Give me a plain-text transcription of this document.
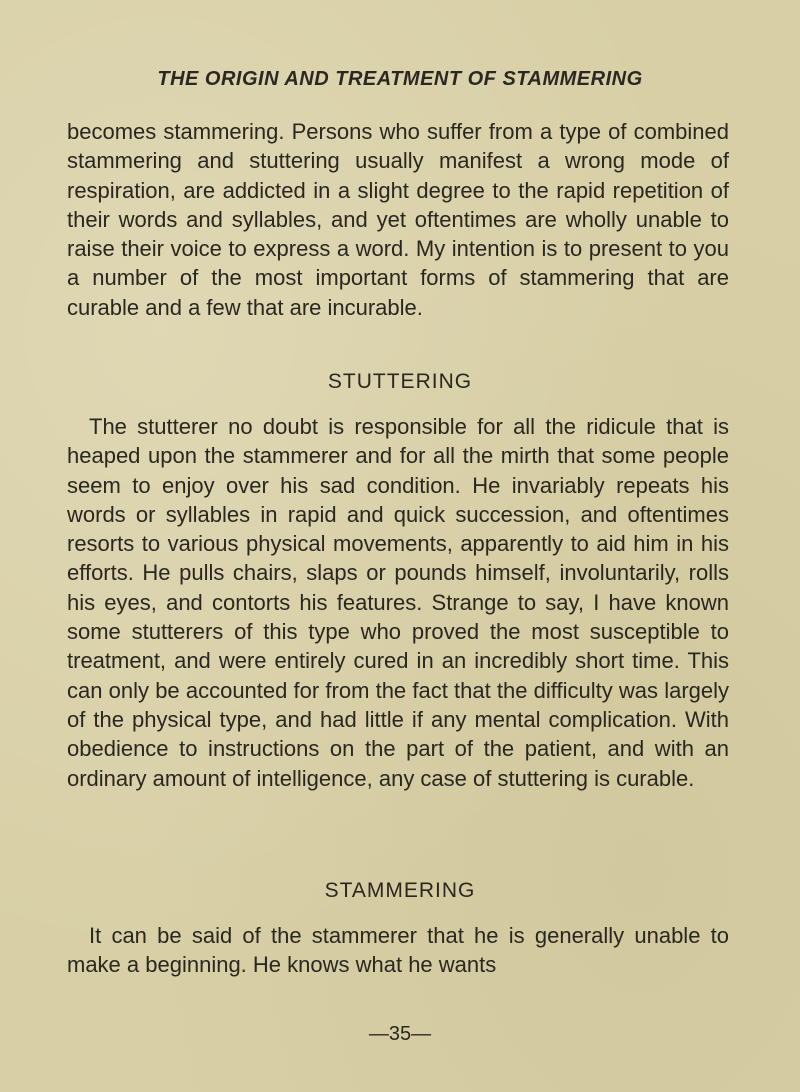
THE ORIGIN AND TREATMENT OF STAMMERING

becomes stammering. Persons who suffer from a type of combined stammering and stuttering usually manifest a wrong mode of respiration, are addicted in a slight degree to the rapid repetition of their words and syllables, and yet oftentimes are wholly unable to raise their voice to express a word. My intention is to present to you a number of the most important forms of stammering that are curable and a few that are incurable.

STUTTERING

The stutterer no doubt is responsible for all the ridicule that is heaped upon the stammerer and for all the mirth that some people seem to enjoy over his sad condition. He invariably repeats his words or syllables in rapid and quick succession, and oftentimes resorts to various physical movements, apparently to aid him in his efforts. He pulls chairs, slaps or pounds himself, involuntarily, rolls his eyes, and contorts his features. Strange to say, I have known some stutterers of this type who proved the most susceptible to treatment, and were entirely cured in an incredibly short time. This can only be accounted for from the fact that the difficulty was largely of the physical type, and had little if any mental complication. With obedience to instructions on the part of the patient, and with an ordinary amount of intelligence, any case of stuttering is curable.

STAMMERING

It can be said of the stammerer that he is generally unable to make a beginning. He knows what he wants

—35—
